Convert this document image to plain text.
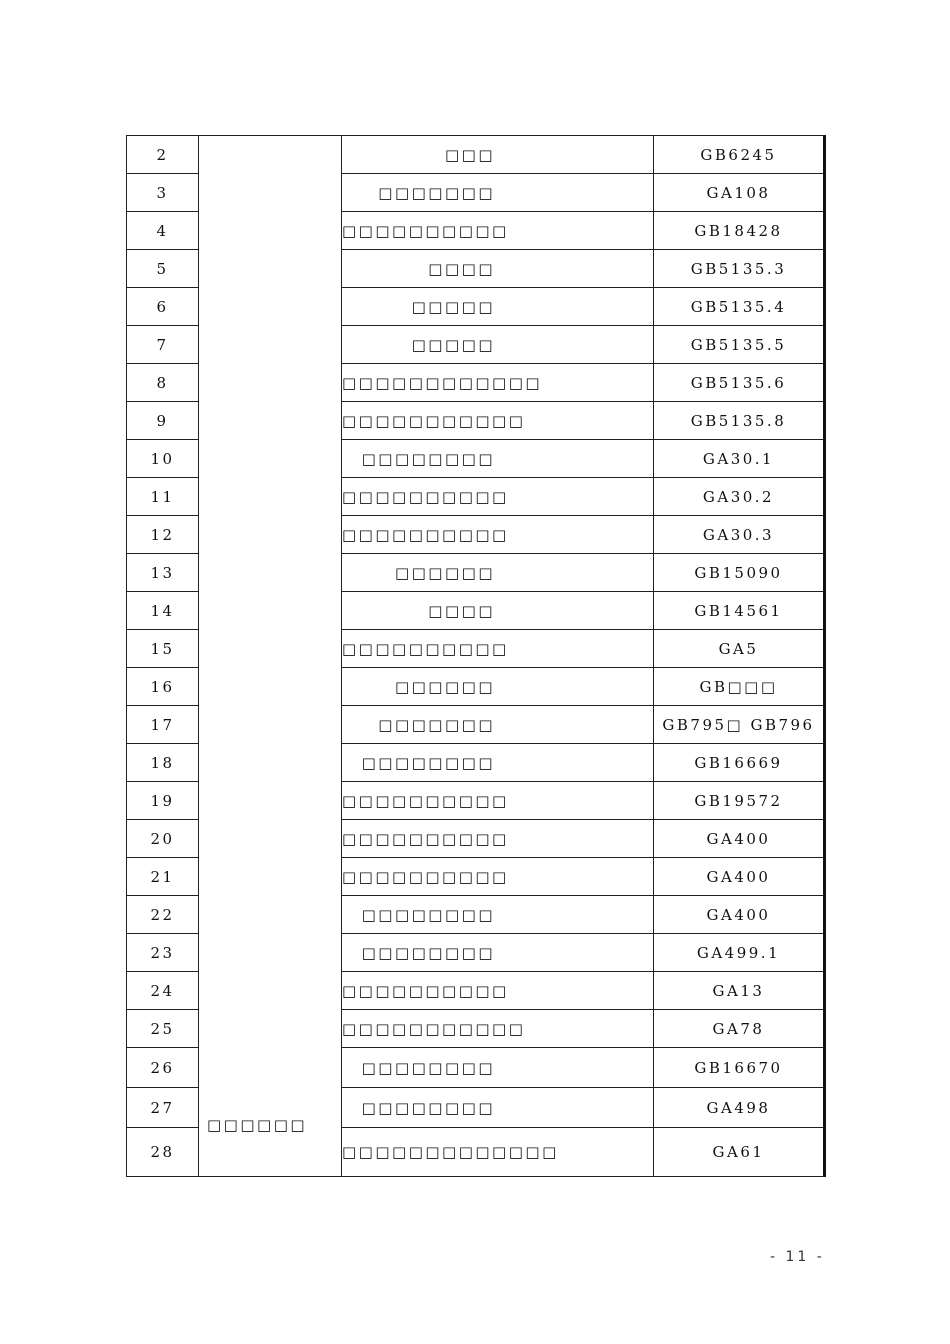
2	□□□□□□	□□□	GB6245
3		□□□□□□□	GA108
4		□□□□□□□□□□	GB18428
5		□□□□	GB5135.3
6		□□□□□	GB5135.4
7		□□□□□	GB5135.5
8		□□□□□□□□□□□□	GB5135.6
9		□□□□□□□□□□□	GB5135.8
10		□□□□□□□□	GA30.1
11		□□□□□□□□□□	GA30.2
12		□□□□□□□□□□	GA30.3
13		□□□□□□	GB15090
14		□□□□	GB14561
15		□□□□□□□□□□	GA5
16		□□□□□□	GB□□□
17		□□□□□□□	GB795□ GB796
18		□□□□□□□□	GB16669
19		□□□□□□□□□□	GB19572
20		□□□□□□□□□□	GA400
21		□□□□□□□□□□	GA400
22		□□□□□□□□	GA400
23		□□□□□□□□	GA499.1
24		□□□□□□□□□□	GA13
25		□□□□□□□□□□□	GA78
26		□□□□□□□□	GB16670
27		□□□□□□□□	GA498
28		□□□□□□□□□□□□□	GA61
- 11 -
